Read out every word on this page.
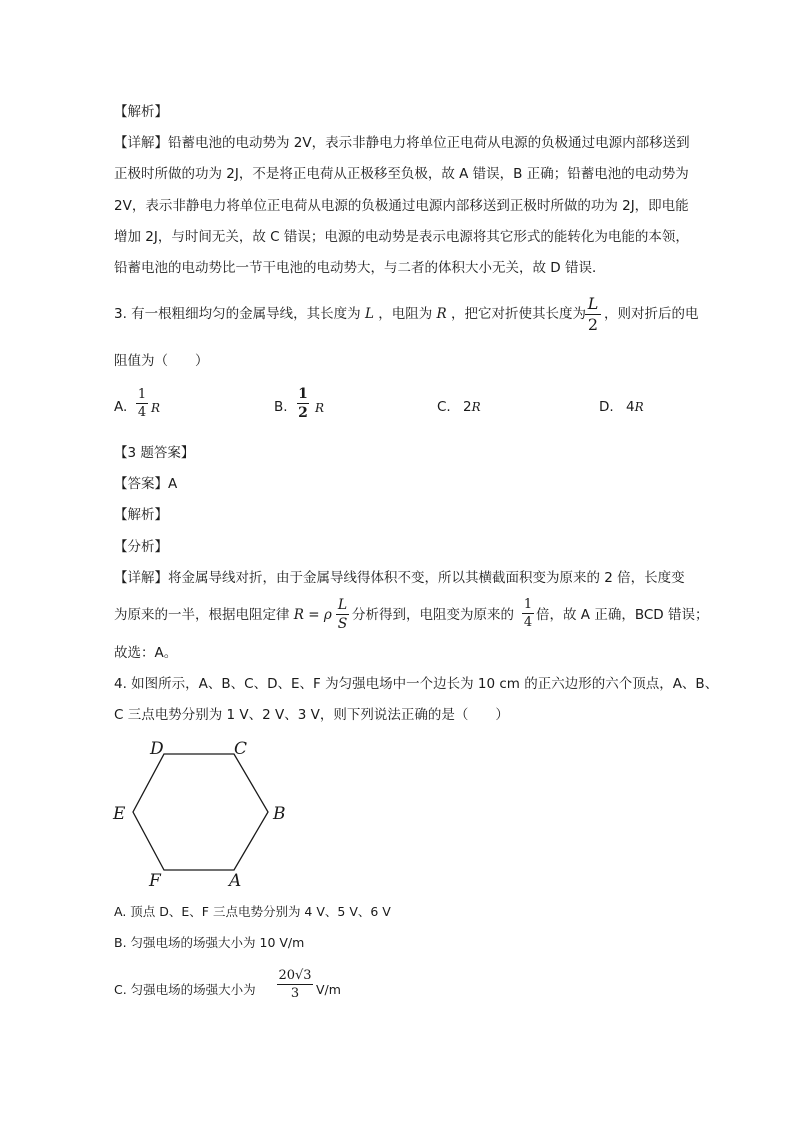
【解析】
【详解】铅蓄电池的电动势为 2V，表示非静电力将单位正电荷从电源的负极通过电源内部移送到
正极时所做的功为 2J，不是将正电荷从正极移至负极，故 A 错误，B 正确；铅蓄电池的电动势为
2V，表示非静电力将单位正电荷从电源的负极通过电源内部移送到正极时所做的功为 2J，即电能
增加 2J，与时间无关，故 C 错误；电源的电动势是表示电源将其它形式的能转化为电能的本领，
铅蓄电池的电动势比一节干电池的电动势大，与二者的体积大小无关，故 D 错误．
3. 有一根粗细均匀的金属导线，其长度为 L ，电阻为 R ，把它对折使其长度为
L
2
，则对折后的电
阻值为（　　）
A.
1
4 R	B.
1
2 R	C. 2R	D. 4R
【3 题答案】
【答案】A
【解析】
【分析】
【详解】将金属导线对折，由于金属导线得体积不变，所以其横截面积变为原来的 2 倍，长度变
为原来的一半，根据电阻定律 R = ρ
L
S
分析得到，电阻变为原来的
1
4 倍，故 A 正确，BCD 错误；
故选：A。
4. 如图所示，A、B、C、D、E、F 为匀强电场中一个边长为 10 cm 的正六边形的六个顶点，A、B、
C 三点电势分别为 1 V、2 V、3 V，则下列说法正确的是（　　）
D	C
E	B
F	A
A. 顶点 D、E、F 三点电势分别为 4 V、5 V、6 V
B. 匀强电场的场强大小为 10 V/m
C. 匀强电场的场强大小为
20√3
3	V/m
